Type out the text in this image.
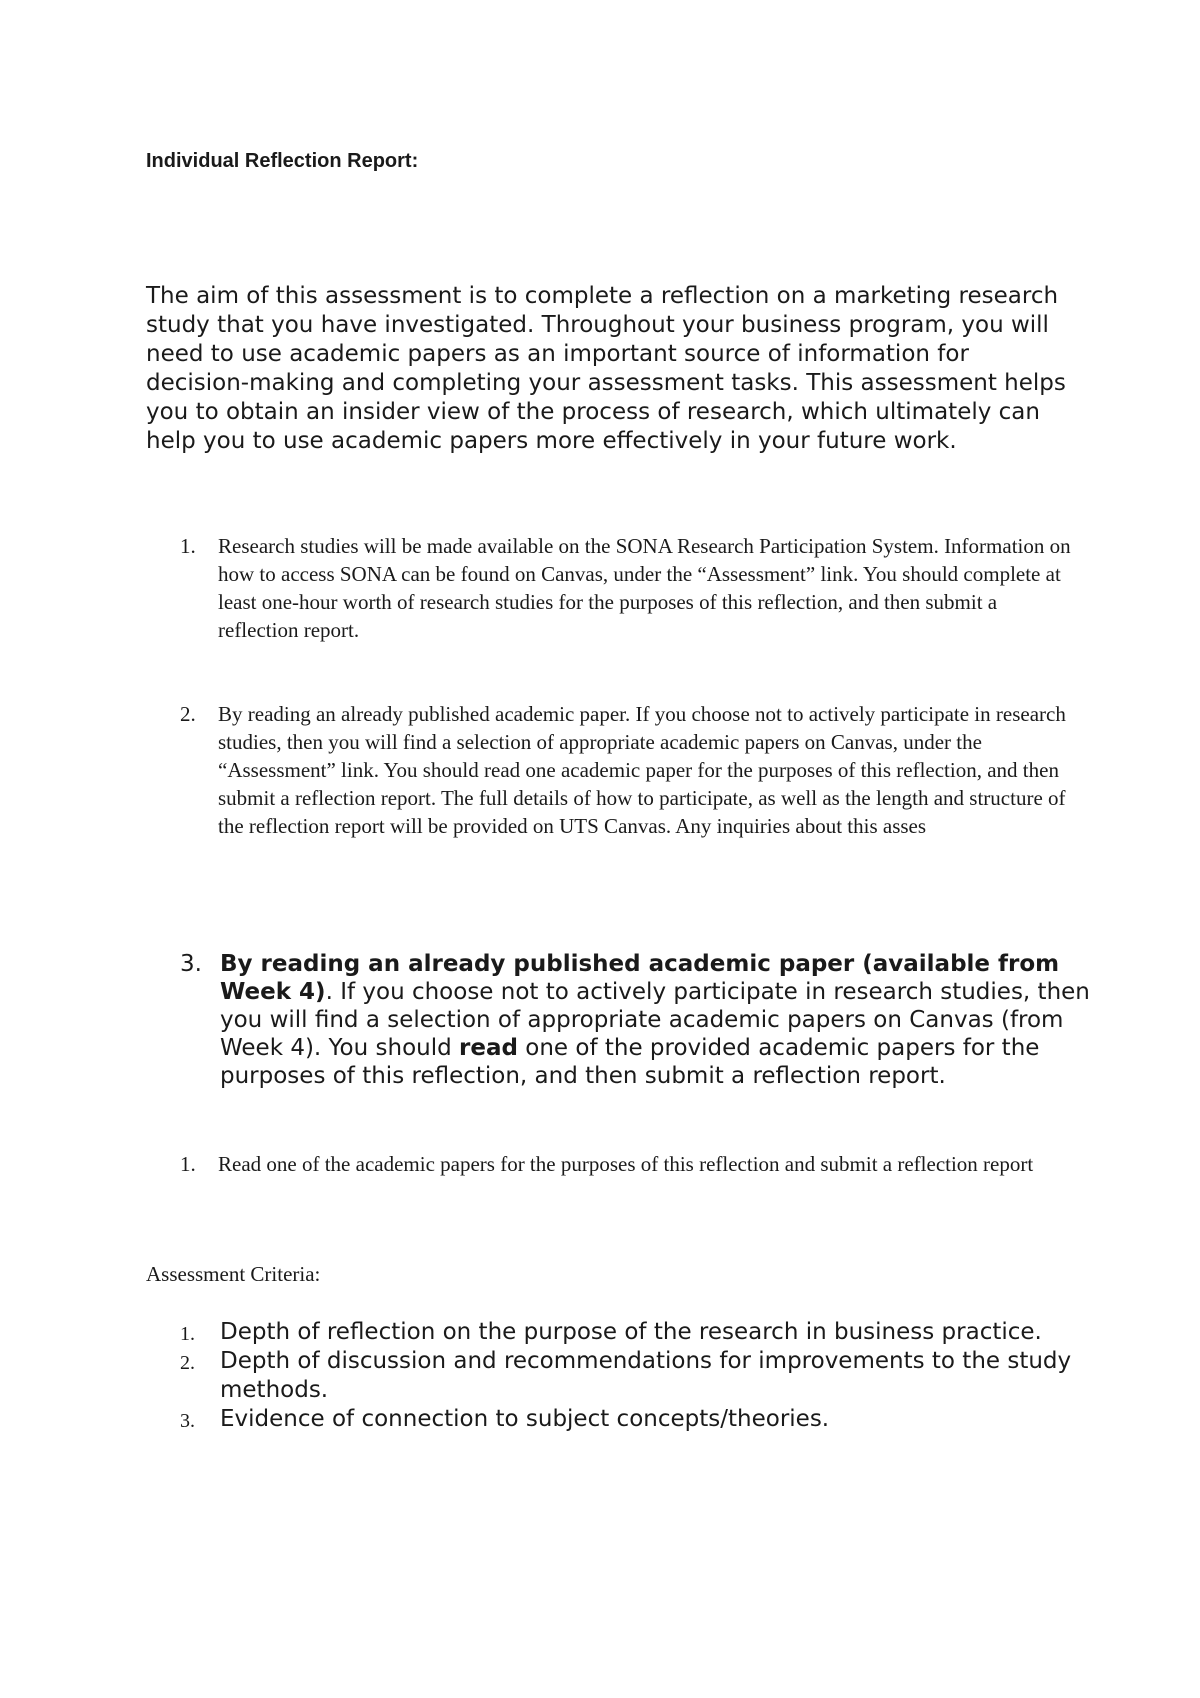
Individual Reflection Report:

The aim of this assessment is to complete a reflection on a marketing research study that you have investigated. Throughout your business program, you will need to use academic papers as an important source of information for decision-making and completing your assessment tasks. This assessment helps you to obtain an insider view of the process of research, which ultimately can help you to use academic papers more effectively in your future work.

1. Research studies will be made available on the SONA Research Participation System. Information on how to access SONA can be found on Canvas, under the “Assessment” link. You should complete at least one-hour worth of research studies for the purposes of this reflection, and then submit a reflection report.
2. By reading an already published academic paper. If you choose not to actively participate in research studies, then you will find a selection of appropriate academic papers on Canvas, under the “Assessment” link. You should read one academic paper for the purposes of this reflection, and then submit a reflection report. The full details of how to participate, as well as the length and structure of the reflection report will be provided on UTS Canvas. Any inquiries about this asses
3. By reading an already published academic paper (available from Week 4). If you choose not to actively participate in research studies, then you will find a selection of appropriate academic papers on Canvas (from Week 4). You should read one of the provided academic papers for the purposes of this reflection, and then submit a reflection report.
1. Read one of the academic papers for the purposes of this reflection and submit a reflection report

Assessment Criteria:

1. Depth of reflection on the purpose of the research in business practice.
2. Depth of discussion and recommendations for improvements to the study methods.
3. Evidence of connection to subject concepts/theories.
